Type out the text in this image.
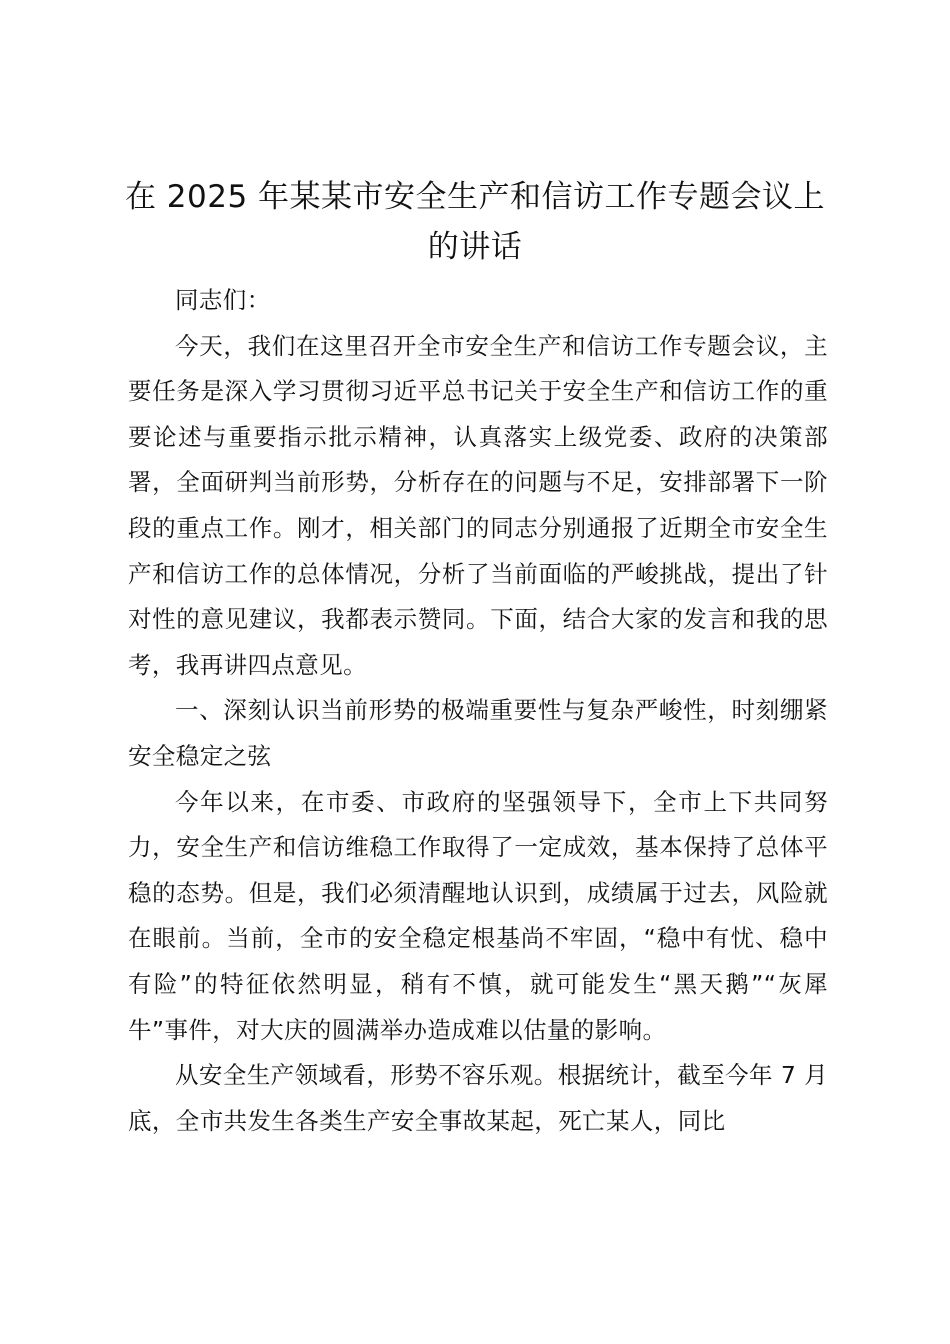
在 2025 年某某市安全生产和信访工作专题会议上的讲话

同志们：

今天，我们在这里召开全市安全生产和信访工作专题会议，主要任务是深入学习贯彻习近平总书记关于安全生产和信访工作的重要论述与重要指示批示精神，认真落实上级党委、政府的决策部署，全面研判当前形势，分析存在的问题与不足，安排部署下一阶段的重点工作。刚才，相关部门的同志分别通报了近期全市安全生产和信访工作的总体情况，分析了当前面临的严峻挑战，提出了针对性的意见建议，我都表示赞同。下面，结合大家的发言和我的思考，我再讲四点意见。

一、深刻认识当前形势的极端重要性与复杂严峻性，时刻绷紧安全稳定之弦

今年以来，在市委、市政府的坚强领导下，全市上下共同努力，安全生产和信访维稳工作取得了一定成效，基本保持了总体平稳的态势。但是，我们必须清醒地认识到，成绩属于过去，风险就在眼前。当前，全市的安全稳定根基尚不牢固，“稳中有忧、稳中有险”的特征依然明显，稍有不慎，就可能发生“黑天鹅”“灰犀牛”事件，对大庆的圆满举办造成难以估量的影响。

从安全生产领域看，形势不容乐观。根据统计，截至今年 7 月底，全市共发生各类生产安全事故某起，死亡某人，同比
